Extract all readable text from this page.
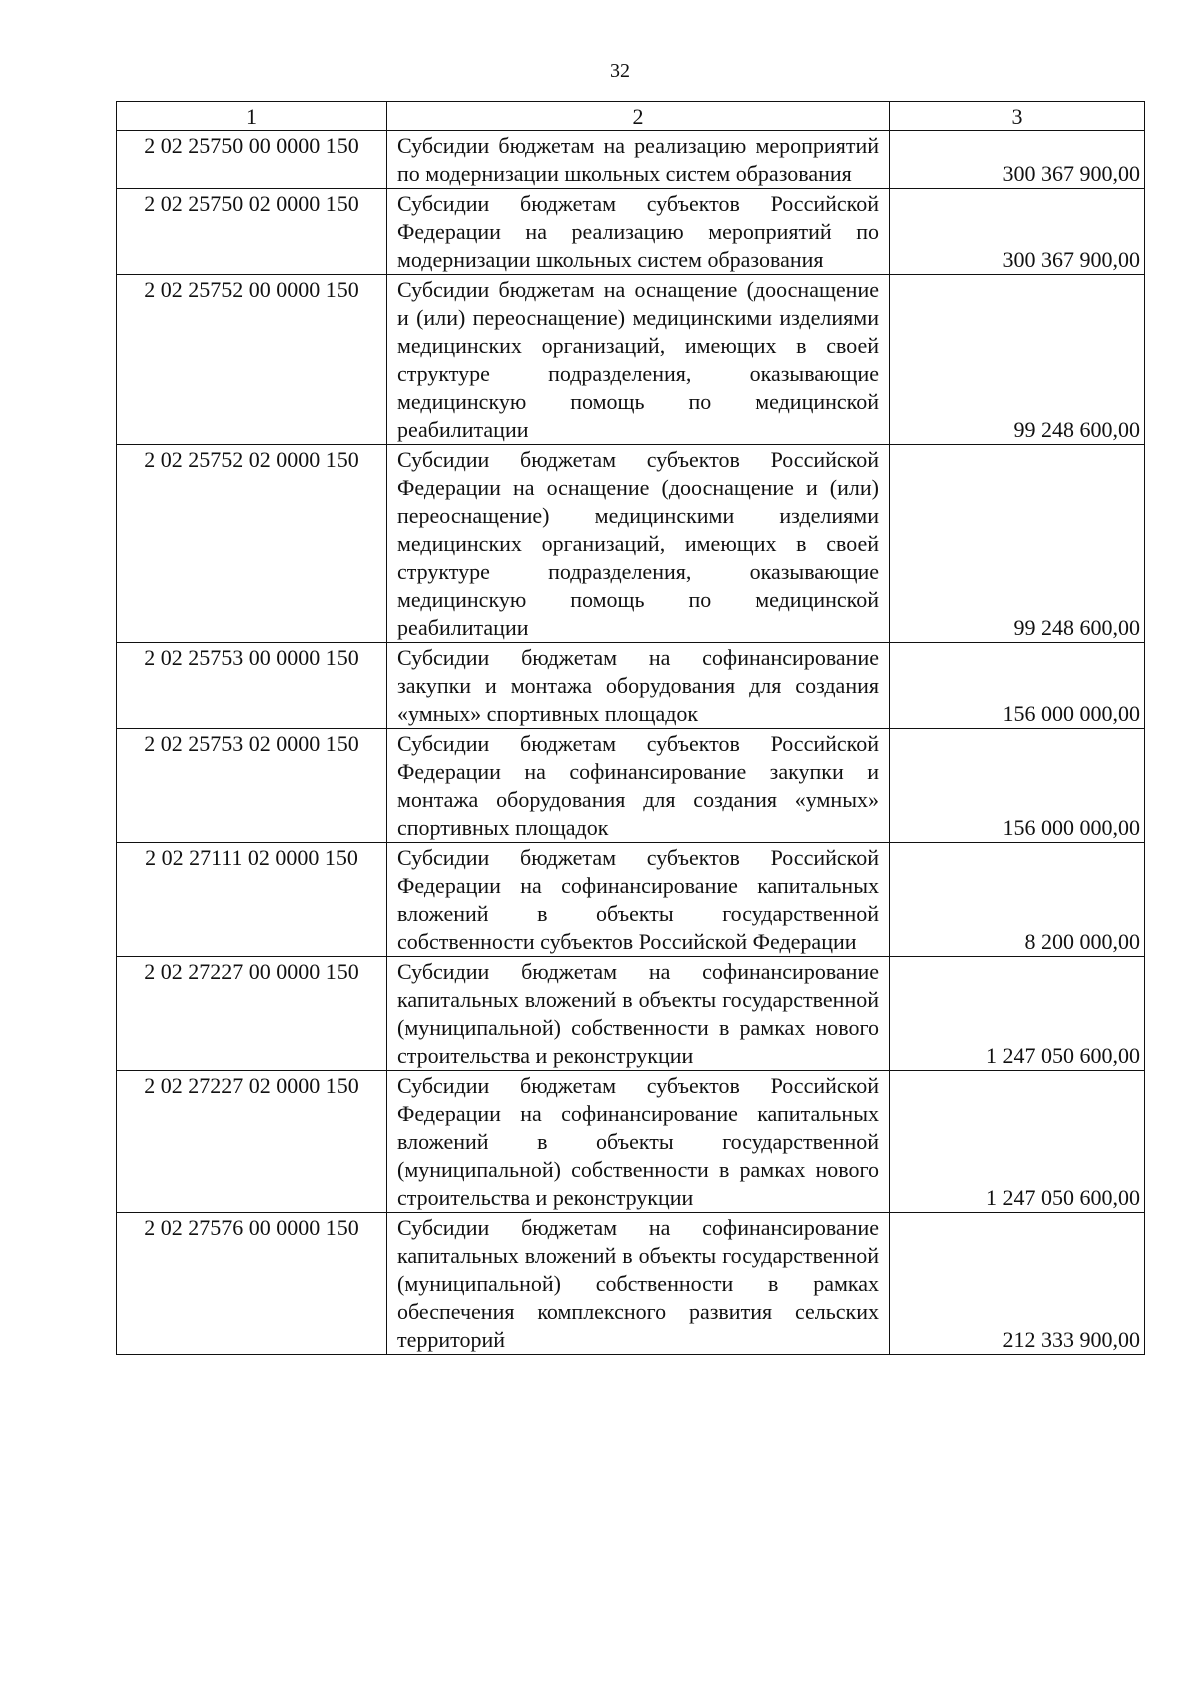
32
1	2	3
2 02 25750 00 0000 150	Субсидии бюджетам на реализацию мероприятий по модернизации школьных систем образования	300 367 900,00
2 02 25750 02 0000 150	Субсидии бюджетам субъектов Российской Федерации на реализацию мероприятий по модернизации школьных систем образования	300 367 900,00
2 02 25752 00 0000 150	Субсидии бюджетам на оснащение (дооснащение и (или) переоснащение) медицинскими изделиями медицинских организаций, имеющих в своей структуре подразделения, оказывающие медицинскую помощь по медицинской реабилитации	99 248 600,00
2 02 25752 02 0000 150	Субсидии бюджетам субъектов Российской Федерации на оснащение (дооснащение и (или) переоснащение) медицинскими изделиями медицинских организаций, имеющих в своей структуре подразделения, оказывающие медицинскую помощь по медицинской реабилитации	99 248 600,00
2 02 25753 00 0000 150	Субсидии бюджетам на софинансирование закупки и монтажа оборудования для создания «умных» спортивных площадок	156 000 000,00
2 02 25753 02 0000 150	Субсидии бюджетам субъектов Российской Федерации на софинансирование закупки и монтажа оборудования для создания «умных» спортивных площадок	156 000 000,00
2 02 27111 02 0000 150	Субсидии бюджетам субъектов Российской Федерации на софинансирование капитальных вложений в объекты государственной собственности субъектов Российской Федерации	8 200 000,00
2 02 27227 00 0000 150	Субсидии бюджетам на софинансирование капитальных вложений в объекты государственной (муниципальной) собственности в рамках нового строительства и реконструкции	1 247 050 600,00
2 02 27227 02 0000 150	Субсидии бюджетам субъектов Российской Федерации на софинансирование капитальных вложений в объекты государственной (муниципальной) собственности в рамках нового строительства и реконструкции	1 247 050 600,00
2 02 27576 00 0000 150	Субсидии бюджетам на софинансирование капитальных вложений в объекты государственной (муниципальной) собственности в рамках обеспечения комплексного развития сельских территорий	212 333 900,00
